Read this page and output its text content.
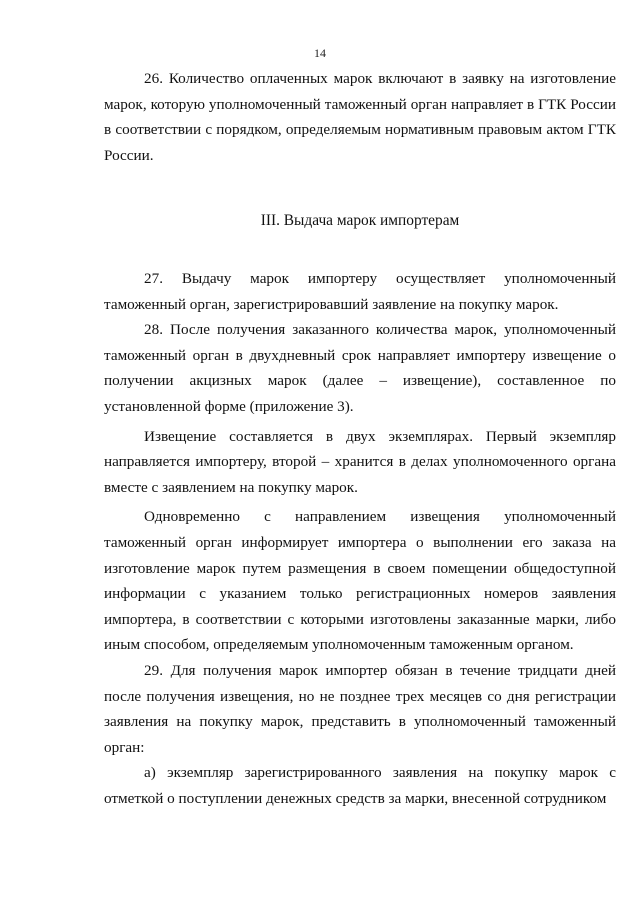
14

26. Количество оплаченных марок включают в заявку на изготовление марок, которую уполномоченный таможенный орган направляет в ГТК России в соответствии с порядком, определяемым нормативным правовым актом ГТК России.

III. Выдача марок импортерам

27. Выдачу марок импортеру осуществляет уполномоченный таможенный орган, зарегистрировавший заявление на покупку марок.

28. После получения заказанного количества марок, уполномоченный таможенный орган в двухдневный срок направляет импортеру извещение о получении акцизных марок (далее – извещение), составленное по установленной форме (приложение 3).

Извещение составляется в двух экземплярах. Первый экземпляр направляется импортеру, второй – хранится в делах уполномоченного органа вместе с заявлением на покупку марок.

Одновременно с направлением извещения уполномоченный таможенный орган информирует импортера о выполнении его заказа на изготовление марок путем размещения в своем помещении общедоступной информации с указанием только регистрационных номеров заявления импортера, в соответствии с которыми изготовлены заказанные марки, либо иным способом, определяемым уполномоченным таможенным органом.

29. Для получения марок импортер обязан в течение тридцати дней после получения извещения, но не позднее трех месяцев со дня регистрации заявления на покупку марок, представить в уполномоченный таможенный орган:

а) экземпляр зарегистрированного заявления на покупку марок с отметкой о поступлении денежных средств за марки, внесенной сотрудником
